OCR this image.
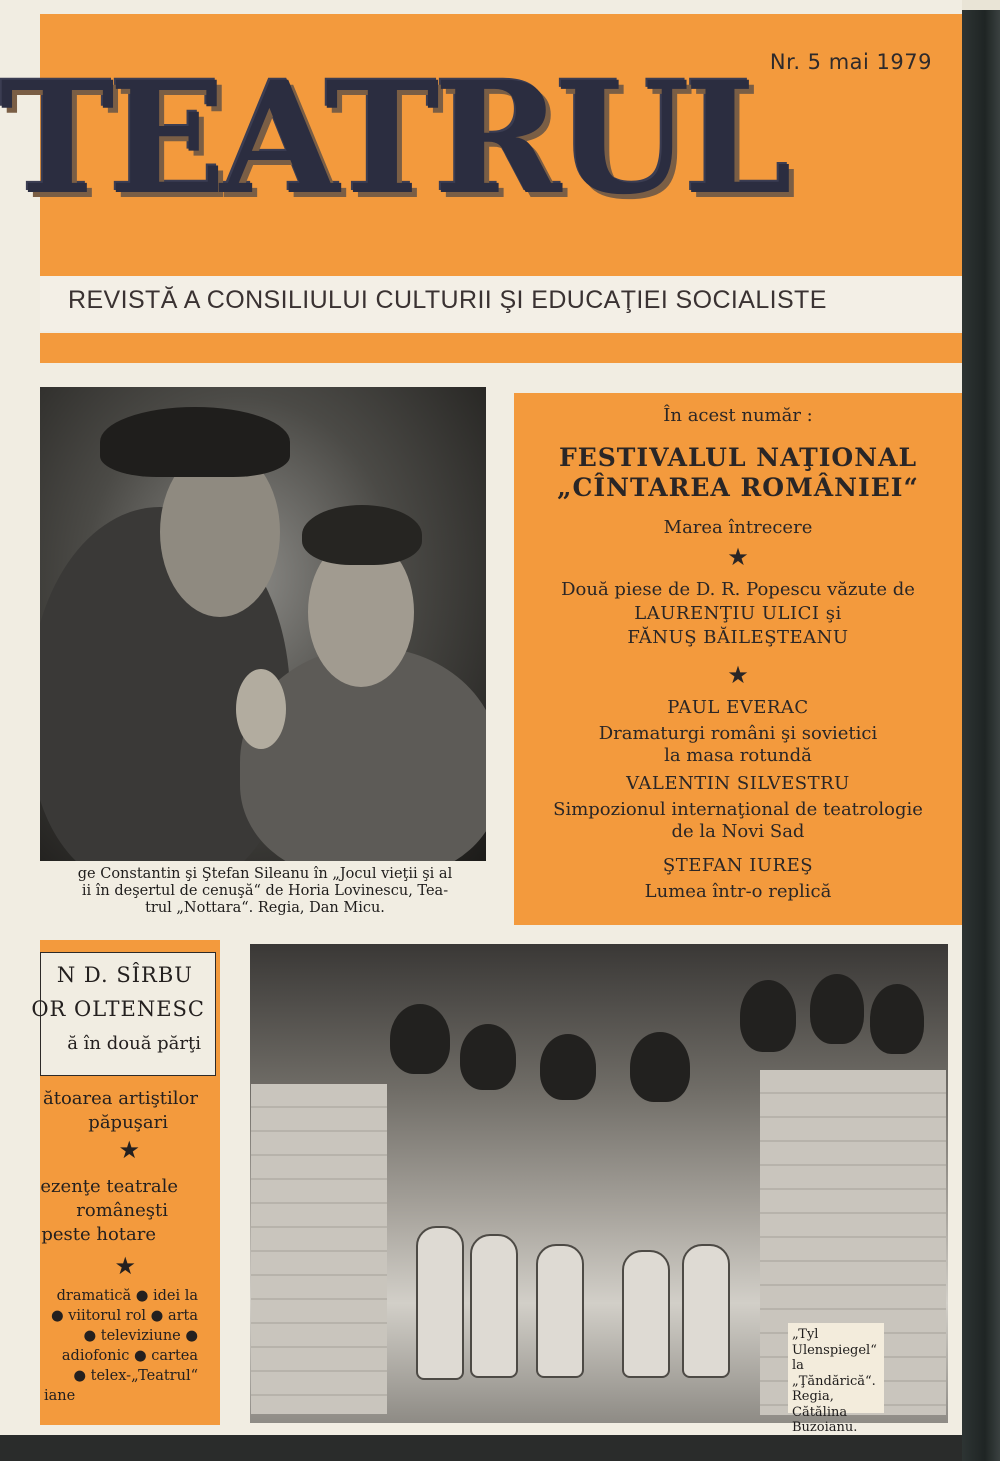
TEATRUL
Nr. 5 mai 1979
REVISTĂ A CONSILIULUI CULTURII ŞI EDUCAŢIEI SOCIALISTE
ge Constantin şi Ştefan Sileanu în „Jocul vieţii şi al
ii în deşertul de cenuşă“ de Horia Lovinescu, Tea-
trul „Nottara“. Regia, Dan Micu.
În acest număr :
FESTIVALUL NAŢIONAL
„CÎNTAREA ROMÂNIEI“
Marea întrecere
★
Două piese de D. R. Popescu văzute de
LAURENŢIU ULICI şi
FĂNUŞ BĂILEŞTEANU
★
PAUL EVERAC
Dramaturgi români şi sovietici
la masa rotundă
VALENTIN SILVESTRU
Simpozionul internaţional de teatrologie
de la Novi Sad
ŞTEFAN IUREŞ
Lumea într-o replică
N D. SÎRBU
OR OLTENESC
ă în două părţi
ătoarea artiştilor
păpuşari
★
ezenţe teatrale
româneşti
peste hotare
★
dramatică ● idei la
● viitorul rol ● arta
● televiziune ●
adiofonic ● cartea
● telex-„Teatrul“
iane
„Tyl Ulenspiegel“
la „Ţăndărică“.
Regia,
Cătălina
Buzoianu.
